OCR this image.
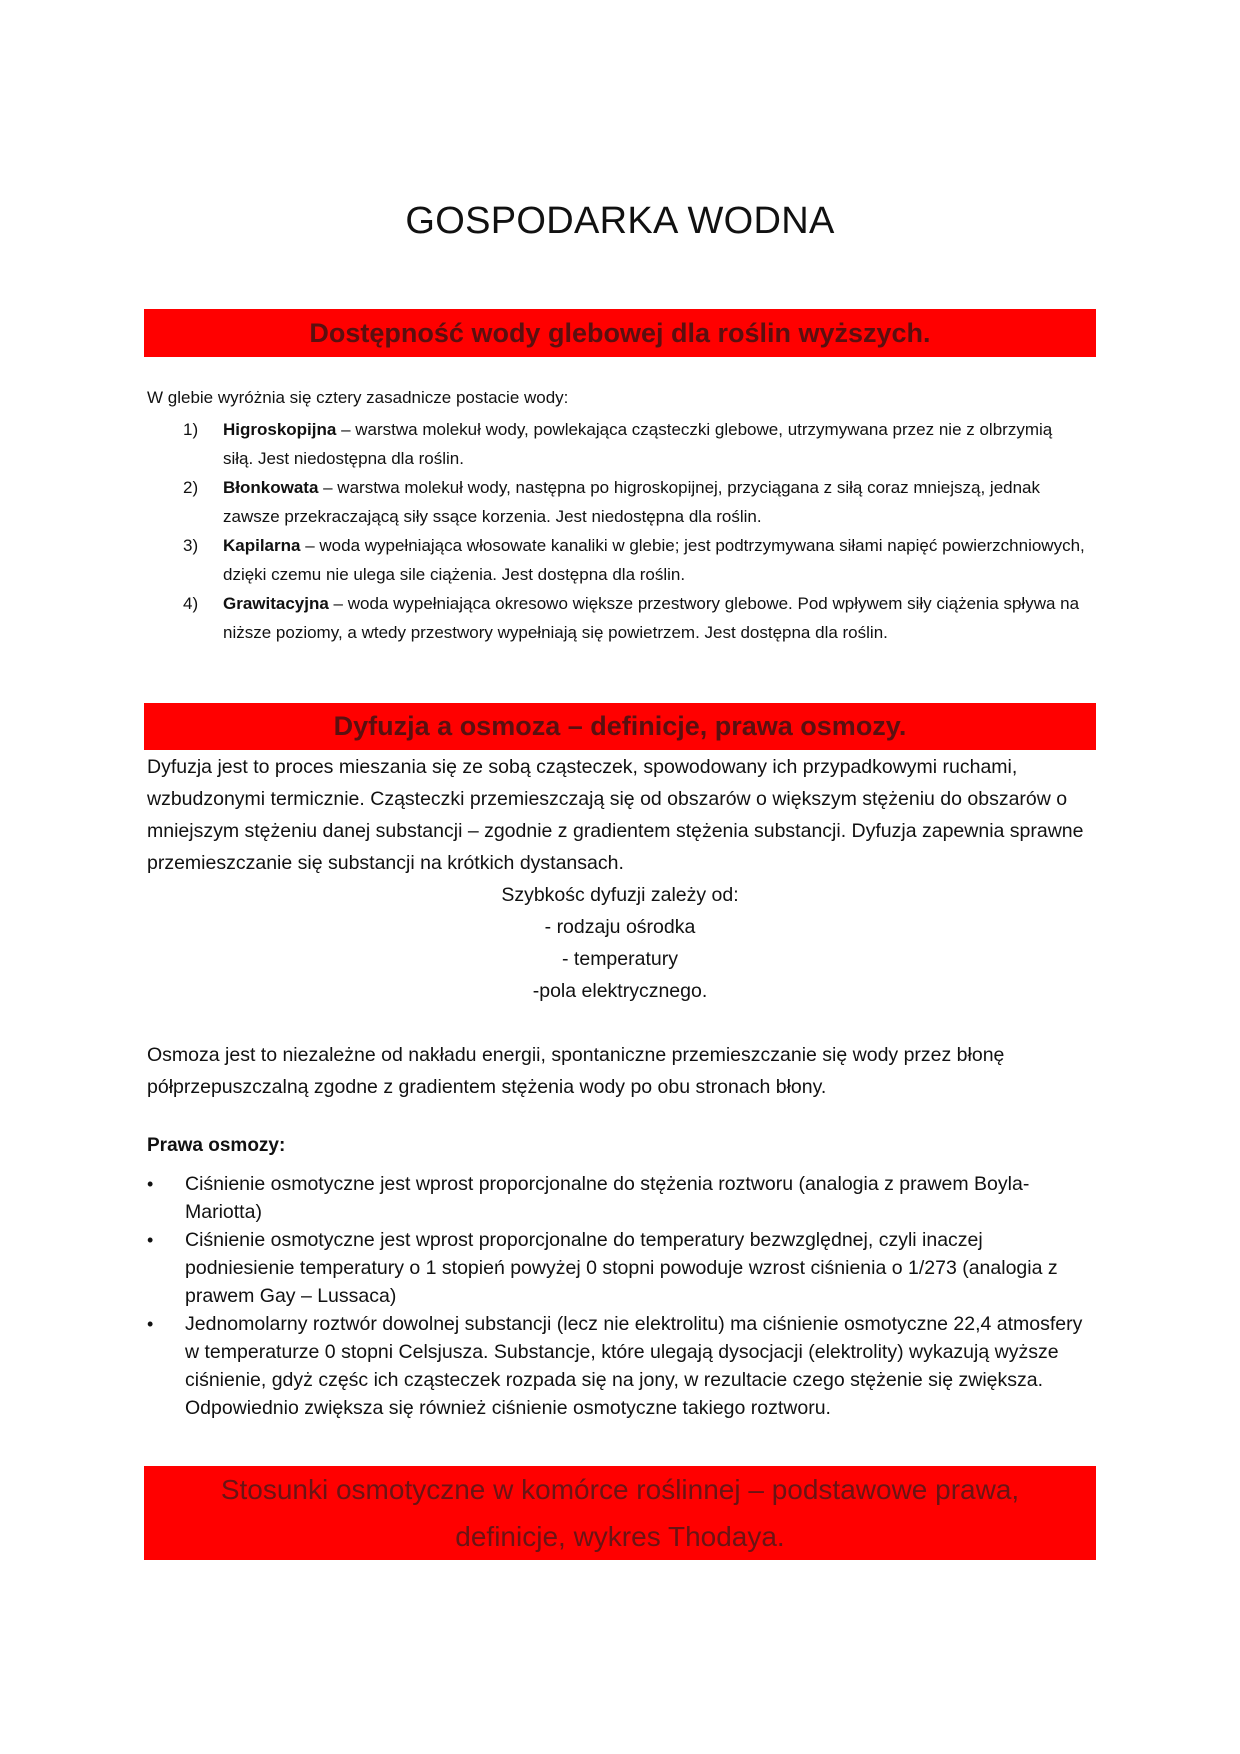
GOSPODARKA WODNA
Dostępność wody glebowej dla roślin wyższych.
W glebie wyróżnia się cztery zasadnicze postacie wody:
1) Higroskopijna – warstwa molekuł wody, powlekająca cząsteczki glebowe, utrzymywana przez nie z olbrzymią siłą. Jest niedostępna dla roślin.
2) Błonkowata – warstwa molekuł wody, następna po higroskopijnej, przyciągana z siłą coraz mniejszą, jednak zawsze przekraczającą siły ssące korzenia. Jest niedostępna dla roślin.
3) Kapilarna – woda wypełniająca włosowate kanaliki w glebie; jest podtrzymywana siłami napięć powierzchniowych, dzięki czemu nie ulega sile ciążenia. Jest dostępna dla roślin.
4) Grawitacyjna – woda wypełniająca okresowo większe przestwory glebowe. Pod wpływem siły ciążenia spływa na niższe poziomy, a wtedy przestwory wypełniają się powietrzem. Jest dostępna dla roślin.
Dyfuzja a osmoza – definicje, prawa osmozy.
Dyfuzja jest to proces mieszania się ze sobą cząsteczek, spowodowany ich przypadkowymi ruchami, wzbudzonymi termicznie. Cząsteczki przemieszczają się od obszarów o większym stężeniu do obszarów o mniejszym stężeniu danej substancji – zgodnie z gradientem stężenia substancji. Dyfuzja zapewnia sprawne przemieszczanie się substancji na krótkich dystansach.
Szybkośc dyfuzji zależy od:
- rodzaju ośrodka
- temperatury
-pola elektrycznego.
Osmoza jest to niezależne od nakładu energii, spontaniczne przemieszczanie się wody przez błonę półprzepuszczalną zgodne z gradientem stężenia wody po obu stronach błony.
Prawa osmozy:
• Ciśnienie osmotyczne jest wprost proporcjonalne do stężenia roztworu (analogia z prawem Boyla-Mariotta)
• Ciśnienie osmotyczne jest wprost proporcjonalne do temperatury bezwzględnej, czyli inaczej podniesienie temperatury o 1 stopień powyżej 0 stopni powoduje wzrost ciśnienia o 1/273 (analogia z prawem Gay – Lussaca)
• Jednomolarny roztwór dowolnej substancji (lecz nie elektrolitu) ma ciśnienie osmotyczne 22,4 atmosfery w temperaturze 0 stopni Celsjusza. Substancje, które ulegają dysocjacji (elektrolity) wykazują wyższe ciśnienie, gdyż częśc ich cząsteczek rozpada się na jony, w rezultacie czego stężenie się zwiększa. Odpowiednio zwiększa się również ciśnienie osmotyczne takiego roztworu.
Stosunki osmotyczne w komórce roślinnej – podstawowe prawa,
definicje, wykres Thodaya.
